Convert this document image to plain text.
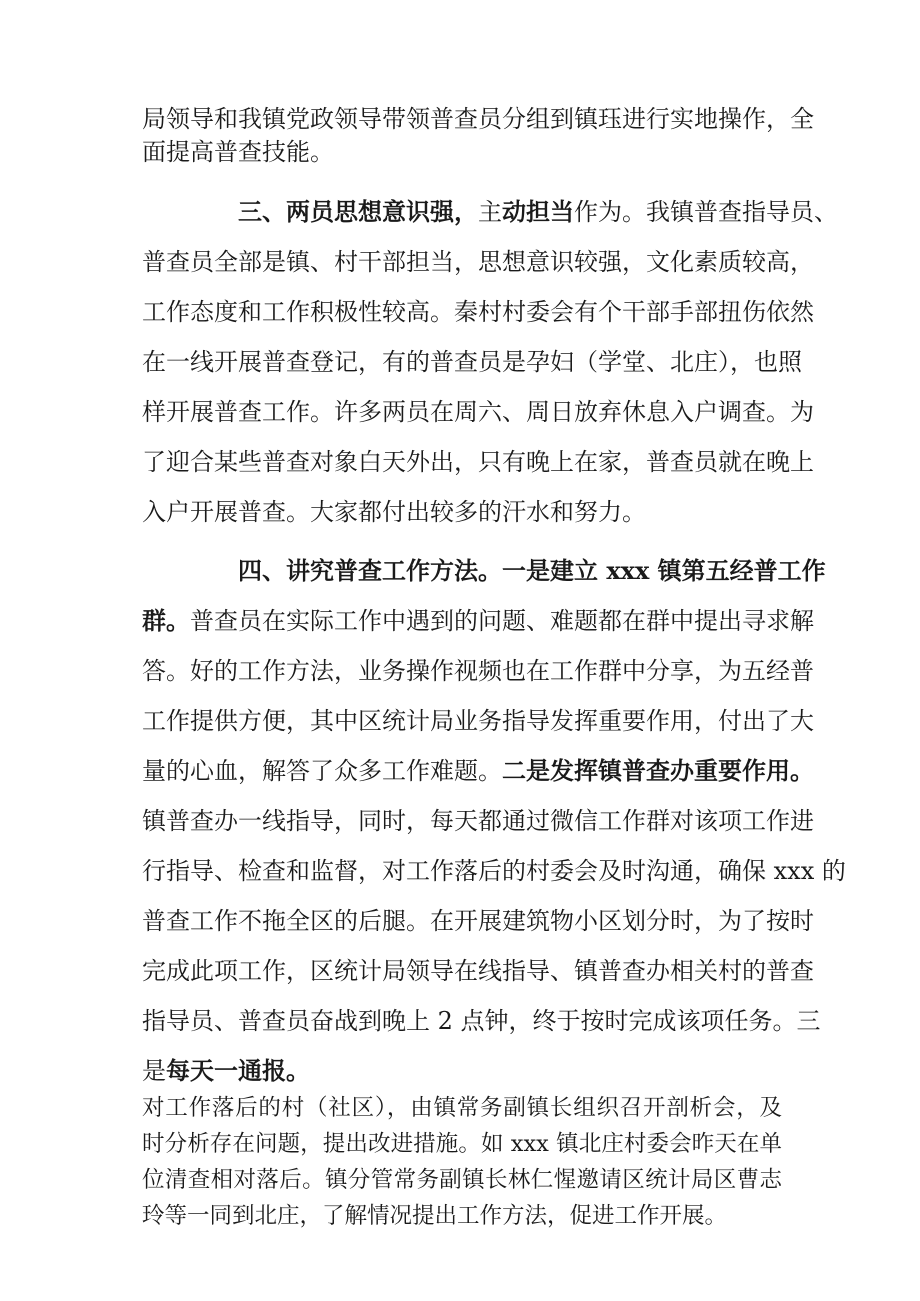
局领导和我镇党政领导带领普查员分组到镇珏进行实地操作，全
面提高普查技能。
三、两员思想意识强，主动担当作为。我镇普查指导员、
普查员全部是镇、村干部担当，思想意识较强，文化素质较高，
工作态度和工作积极性较高。秦村村委会有个干部手部扭伤依然
在一线开展普查登记，有的普查员是孕妇（学堂、北庄），也照
样开展普查工作。许多两员在周六、周日放弃休息入户调查。为
了迎合某些普查对象白天外出，只有晚上在家，普查员就在晚上
入户开展普查。大家都付出较多的汗水和努力。
四、讲究普查工作方法。一是建立 xxx 镇第五经普工作
群。普查员在实际工作中遇到的问题、难题都在群中提出寻求解
答。好的工作方法，业务操作视频也在工作群中分享，为五经普
工作提供方便，其中区统计局业务指导发挥重要作用，付出了大
量的心血，解答了众多工作难题。二是发挥镇普查办重要作用。
镇普查办一线指导，同时，每天都通过微信工作群对该项工作进
行指导、检查和监督，对工作落后的村委会及时沟通，确保 xxx 的
普查工作不拖全区的后腿。在开展建筑物小区划分时，为了按时
完成此项工作，区统计局领导在线指导、镇普查办相关村的普查
指导员、普查员奋战到晚上 2 点钟，终于按时完成该项任务。三
是每天一通报。
对工作落后的村（社区），由镇常务副镇长组织召开剖析会，及
时分析存在问题，提出改进措施。如 xxx 镇北庄村委会昨天在单
位清查相对落后。镇分管常务副镇长林仁惺邀请区统计局区曹志
玲等一同到北庄，了解情况提出工作方法，促进工作开展。
